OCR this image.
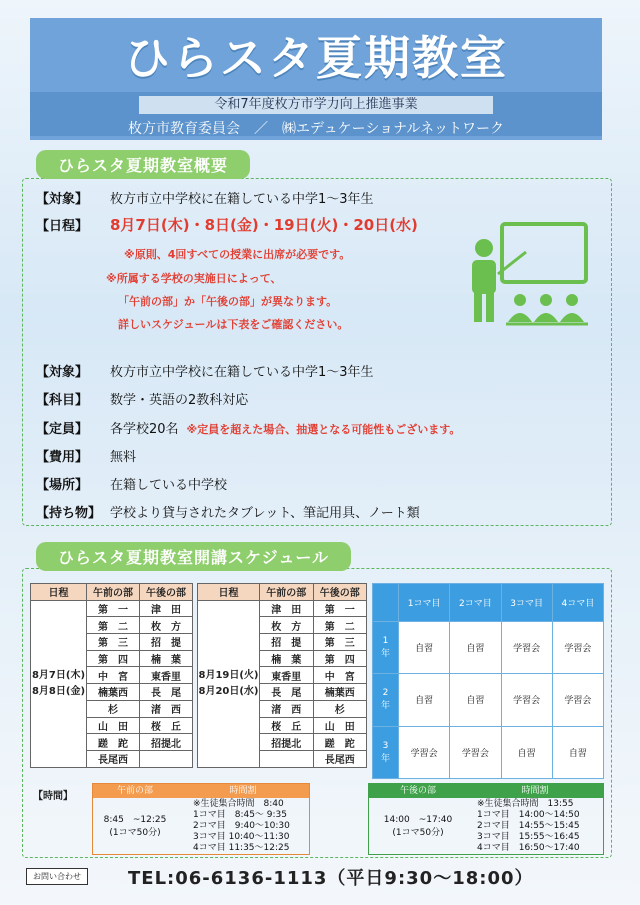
ひらスタ夏期教室
令和7年度枚方市学力向上推進事業
枚方市教育委員会　／　㈱エデュケーショナルネットワーク
ひらスタ夏期教室概要
【対象】 枚方市立中学校に在籍している中学1～3年生
【日程】 8月7日(木)・8日(金)・19日(火)・20日(水)
※原則、4回すべての授業に出席が必要です。
※所属する学校の実施日によって、
「午前の部」か「午後の部」が異なります。
詳しいスケジュールは下表をご確認ください。
【対象】 枚方市立中学校に在籍している中学1～3年生
【科目】 数学・英語の2教科対応
【定員】 各学校20名 ※定員を超えた場合、抽選となる可能性もございます。
【費用】 無料
【場所】 在籍している中学校
【持ち物】 学校より貸与されたタブレット、筆記用具、ノート類
ひらスタ夏期教室開講スケジュール
日程	午前の部	午後の部
8月7日(木)
8月8日(金)	第　一	津　田
	第　二	枚　方
	第　三	招　提
	第　四	楠　葉
	中　宮	東香里
	楠葉西	長　尾
	杉	渚　西
	山　田	桜　丘
	蹉　跎	招提北
	長尾西	
日程	午前の部	午後の部
8月19日(火)
8月20日(水)	津　田	第　一
	枚　方	第　二
	招　提	第　三
	楠　葉	第　四
	東香里	中　宮
	長　尾	楠葉西
	渚　西	杉
	桜　丘	山　田
	招提北	蹉　跎
		長尾西
	1コマ目	2コマ目	3コマ目	4コマ目
1
年	自習	自習	学習会	学習会
2
年	自習	自習	学習会	学習会
3
年	学習会	学習会	自習	自習
【時間】	午前の部	時間割
8:45　~12:25
(1コマ50分)
※生徒集合時間　8:40
1コマ目　8:45～ 9:35
2コマ目　9:40～10:30
3コマ目 10:40～11:30
4コマ目 11:35～12:25
午後の部	時間割
14:00　~17:40
(1コマ50分)
※生徒集合時間　13:55
1コマ目　14:00～14:50
2コマ目　14:55～15:45
3コマ目　15:55～16:45
4コマ目　16:50～17:40
お問い合わせ	TEL:06-6136-1113（平日9:30～18:00）
